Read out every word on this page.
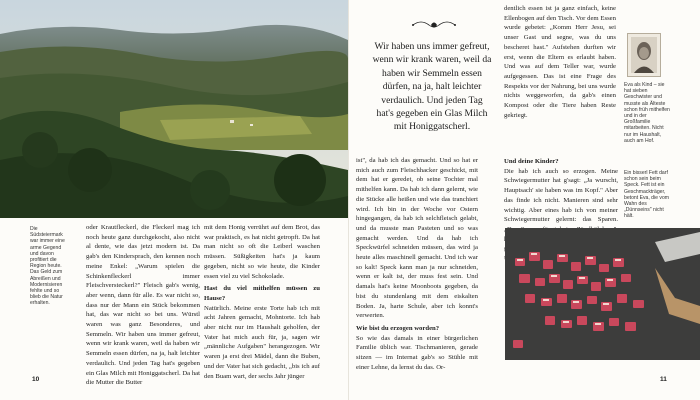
Die Südsteiermark war immer eine arme Gegend und davon profitiert die Region heute. Das Geld zum Abreißen und Modernisieren fehlte und so blieb die Natur erhalten.

oder Krautfleckerl, die Fleckerl mag ich noch heute ganz durchgekocht, also nicht al dente, wie das jetzt modern ist. Da gab's den Kindersprach, den kennen noch meine Enkel: „Warum spielen die Schinkenfleckerl immer Fleischversteckerl?" Fleisch gab's wenig, aber wenn, dann für alle. Es war nicht so, dass nur der Mann ein Stück bekommen hat, das war nicht so bei uns. Würstl waren was ganz Besonderes, und Semmeln. Wir haben uns immer gefreut, wenn wir krank waren, weil da haben wir Semmeln essen dürfen, na ja, halt leichter verdaulich. Und jeden Tag hat's gegeben ein Glas Milch mit Honiggatscherl. Da hat die Mutter die Butter

mit dem Honig verrührt auf dem Brot, das war praktisch, es hat nicht getropft. Da hat man nicht so oft die Leiberl waschen müssen. Süßigkeiten hat's ja kaum gegeben, nicht so wie heute, die Kinder essen viel zu viel Schokolade.

Hast du viel mithelfen müssen zu Hause?

Natürlich. Meine erste Torte hab ich mit acht Jahren gemacht, Mohntorte. Ich hab aber nicht nur im Haushalt geholfen, der Vater hat mich auch für, ja, sagen wir „männliche Aufgaben" herangezogen. Wir waren ja erst drei Mädel, dann die Buben, und der Vater hat sich gedacht, „bis ich auf den Buam wart, der sechs Jahr jünger

10

Wir haben uns immer gefreut, wenn wir krank waren, weil da haben wir Semmeln essen dürfen, na ja, halt leichter verdaulich. Und jeden Tag hat's gegeben ein Glas Milch mit Honiggatscherl.

ist", da hab ich das gemacht. Und so hat er mich auch zum Fleischhacker geschickt, mit dem hat er geredet, ob seine Tochter mal mithelfen kann. Da hab ich dann gelernt, wie die Stücke alle heißen und wie das tranchiert wird. Ich bin in der Woche vor Ostern hingegangen, da hab ich selchfleisch gelabt, und da musste man Pasteten und so was gemacht werden. Und da hab ich Speckwürfel schneiden müssen, das wird ja heute alles maschinell gemacht. Und ich war so kalt! Speck kann man ja nur schneiden, wenn er kalt ist, der muss fest sein. Und damals hat's keine Moonboots gegeben, da bist du stundenlang mit dem eiskalten Boden. Ja, harte Schule, aber ich konnt's verwerten.

Wie bist du erzogen worden?

So wie das damals in einer bürgerlichen Familie üblich war. Tischmanieren, gerade sitzen — im Internat gab's so Stühle mit einer Lehne, da lernst du das. Or-

dentlich essen ist ja ganz einfach, keine Ellenbogen auf den Tisch. Vor dem Essen wurde gebetet: „Komm Herr Jesu, sei unser Gast und segne, was du uns bescheret hast." Aufstehen durften wir erst, wenn die Eltern es erlaubt haben. Und was auf dem Teller war, wurde aufgegessen. Das ist eine Frage des Respekts vor der Nahrung, bei uns wurde nichts weggeworfen, da gab's einen Kompost oder die Tiere haben Reste gekriegt.

Und deine Kinder?

Die hab ich auch so erzogen. Meine Schwiegermutter hat g'sagt: „Ja wurscht, Hauptsach' sie haben was im Kopf." Aber das finde ich nicht. Manieren sind sehr wichtig. Aber eines hab ich von meiner Schwiegermutter gelernt: das Sparen.

Eva als Kind – sie hat sieben Geschwister und musste als Älteste schon früh mithelfen und in der Großfamilie mitarbeiten. Nicht nur im Haushalt, auch am Hof.

Ein bisserl Fett darf schon sein beim Speck. Fett ist ein Geschmackträger, betont Eva, die vom Wahn des „Dünnseins" nicht hält.

11
